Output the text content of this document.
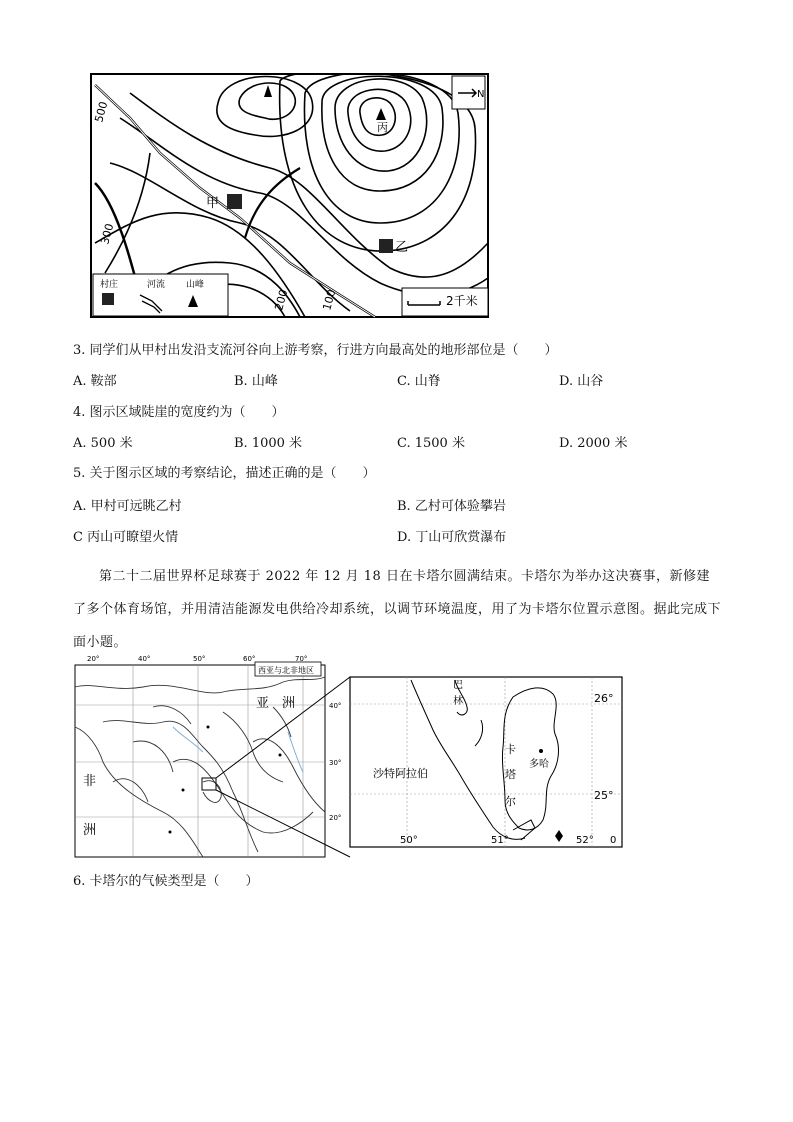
甲
乙
丙
500
300
200	100
N
2千米
村庄	河流 山峰
3. 同学们从甲村出发沿支流河谷向上游考察，行进方向最高处的地形部位是（　　）
A. 鞍部	B. 山峰	C. 山脊	D. 山谷
4. 图示区域陡崖的宽度约为（　　）
A. 500 米	B. 1000 米	C. 1500 米	D. 2000 米
5. 关于图示区域的考察结论，描述正确的是（　　）
A. 甲村可远眺乙村	B. 乙村可体验攀岩
C 丙山可瞭望火情	D. 丁山可欣赏瀑布
第二十二届世界杯足球赛于 2022 年 12 月 18 日在卡塔尔圆满结束。卡塔尔为举办这决赛事，新修建了多个体育场馆，并用清洁能源发电供给冷却系统，以调节环境温度，用了为卡塔尔位置示意图。据此完成下面小题。
西亚与北非地区
20°	40°	50°	60°	70°
40°
30°
20°
亚　洲
非
洲
沙特阿拉伯
巴
林
卡
塔
尔
多哈
26°
25°
50°	51°	52° 0
6. 卡塔尔的气候类型是（　　）
